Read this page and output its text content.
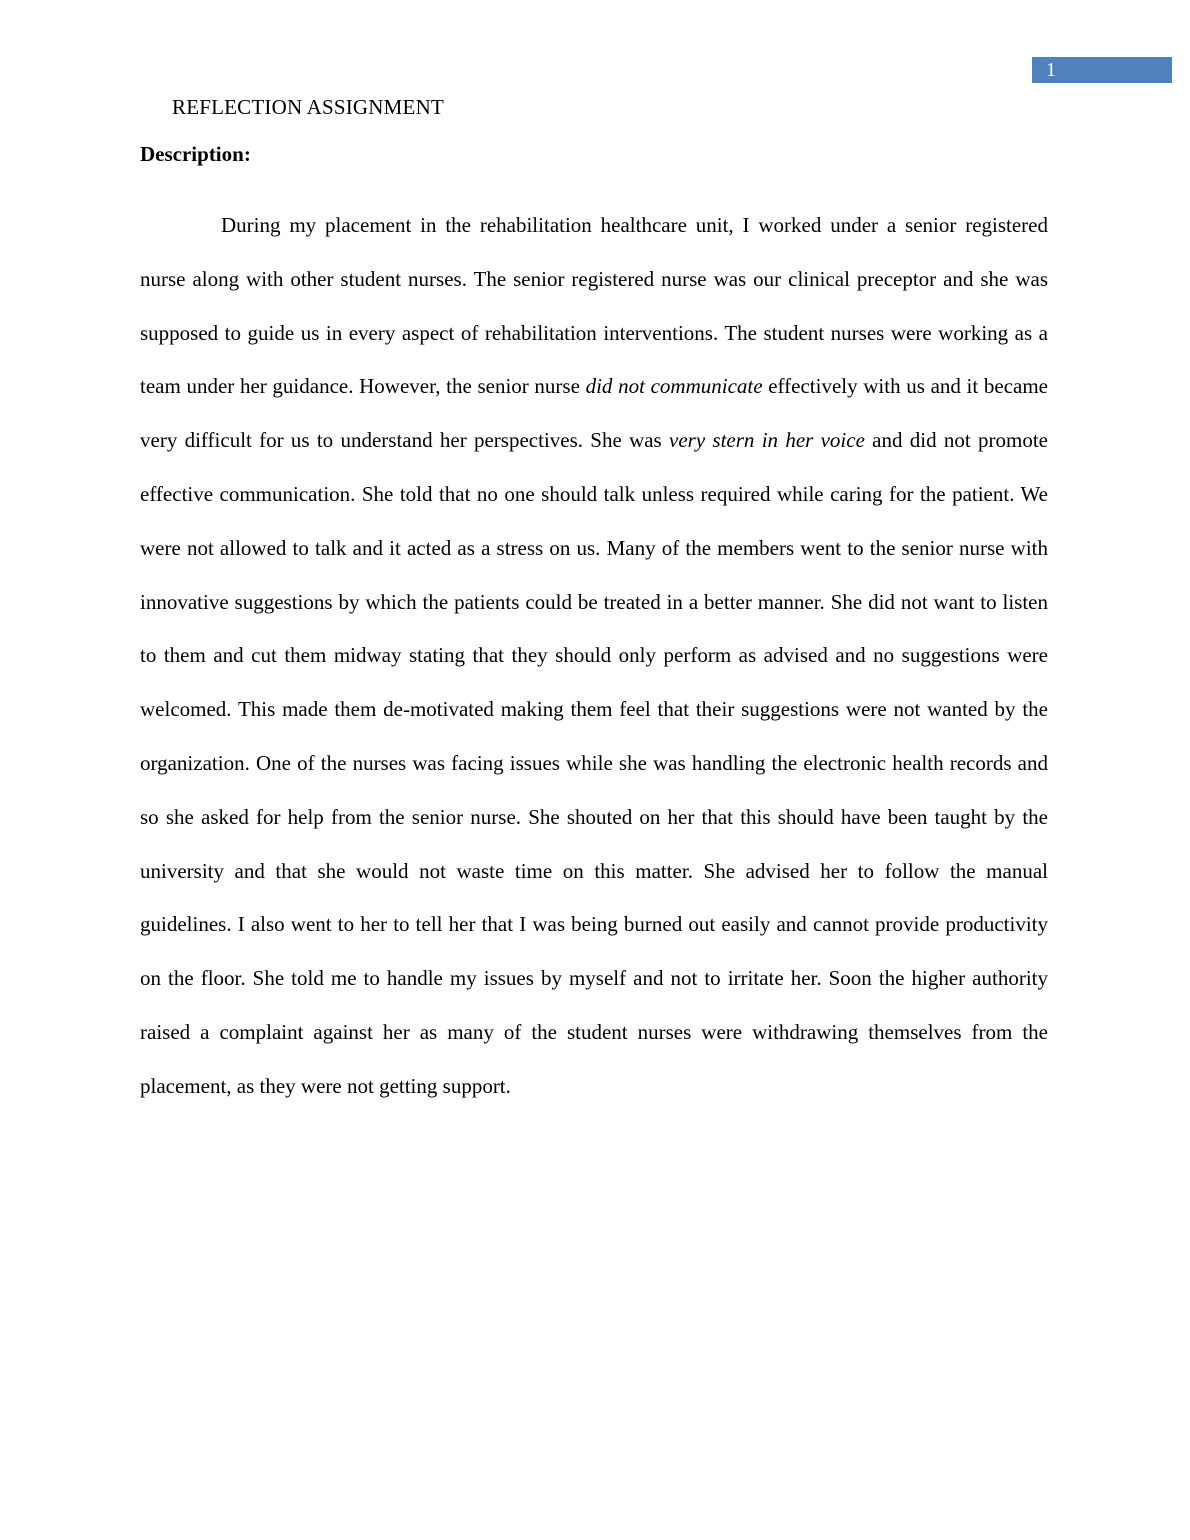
1
REFLECTION ASSIGNMENT
Description:

During my placement in the rehabilitation healthcare unit, I worked under a senior registered nurse along with other student nurses. The senior registered nurse was our clinical preceptor and she was supposed to guide us in every aspect of rehabilitation interventions. The student nurses were working as a team under her guidance. However, the senior nurse did not communicate effectively with us and it became very difficult for us to understand her perspectives. She was very stern in her voice and did not promote effective communication. She told that no one should talk unless required while caring for the patient. We were not allowed to talk and it acted as a stress on us. Many of the members went to the senior nurse with innovative suggestions by which the patients could be treated in a better manner. She did not want to listen to them and cut them midway stating that they should only perform as advised and no suggestions were welcomed. This made them de-motivated making them feel that their suggestions were not wanted by the organization. One of the nurses was facing issues while she was handling the electronic health records and so she asked for help from the senior nurse. She shouted on her that this should have been taught by the university and that she would not waste time on this matter. She advised her to follow the manual guidelines. I also went to her to tell her that I was being burned out easily and cannot provide productivity on the floor. She told me to handle my issues by myself and not to irritate her. Soon the higher authority raised a complaint against her as many of the student nurses were withdrawing themselves from the placement, as they were not getting support.
